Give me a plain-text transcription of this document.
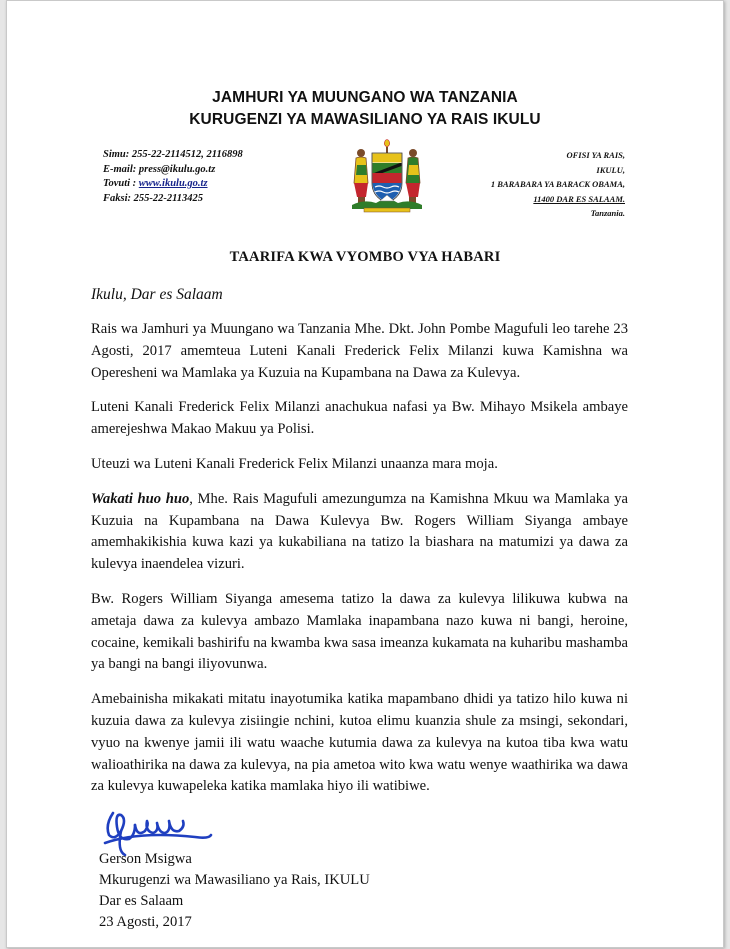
JAMHURI YA MUUNGANO WA TANZANIA
KURUGENZI YA MAWASILIANO YA RAIS IKULU
Simu: 255-22-2114512, 2116898
E-mail: press@ikulu.go.tz
Tovuti : www.ikulu.go.tz
Faksi: 255-22-2113425
OFISI YA RAIS,
IKULU,
1 BARABARA YA BARACK OBAMA,
11400 DAR ES SALAAM.
Tanzania.
TAARIFA KWA VYOMBO VYA HABARI
Ikulu, Dar es Salaam

Rais wa Jamhuri ya Muungano wa Tanzania Mhe. Dkt. John Pombe Magufuli leo tarehe 23 Agosti, 2017 amemteua Luteni Kanali Frederick Felix Milanzi kuwa Kamishna wa Operesheni wa Mamlaka ya Kuzuia na Kupambana na Dawa za Kulevya.

Luteni Kanali Frederick Felix Milanzi anachukua nafasi ya Bw. Mihayo Msikela ambaye amerejeshwa Makao Makuu ya Polisi.

Uteuzi wa Luteni Kanali Frederick Felix Milanzi unaanza mara moja.

Wakati huo huo, Mhe. Rais Magufuli amezungumza na Kamishna Mkuu wa Mamlaka ya Kuzuia na Kupambana na Dawa Kulevya Bw. Rogers William Siyanga ambaye amemhakikishia kuwa kazi ya kukabiliana na tatizo la biashara na matumizi ya dawa za kulevya inaendelea vizuri.

Bw. Rogers William Siyanga amesema tatizo la dawa za kulevya lilikuwa kubwa na ametaja dawa za kulevya ambazo Mamlaka inapambana nazo kuwa ni bangi, heroine, cocaine, kemikali bashirifu na kwamba kwa sasa imeanza kukamata na kuharibu mashamba ya bangi na bangi iliyovunwa.

Amebainisha mikakati mitatu inayotumika katika mapambano dhidi ya tatizo hilo kuwa ni kuzuia dawa za kulevya zisiingie nchini, kutoa elimu kuanzia shule za msingi, sekondari, vyuo na kwenye jamii ili watu waache kutumia dawa za kulevya na kutoa tiba kwa watu walioathirika na dawa za kulevya, na pia ametoa wito kwa watu wenye waathirika wa dawa za kulevya kuwapeleka katika mamlaka hiyo ili watibiwe.

Gerson Msigwa
Mkurugenzi wa Mawasiliano ya Rais, IKULU
Dar es Salaam
23 Agosti, 2017
